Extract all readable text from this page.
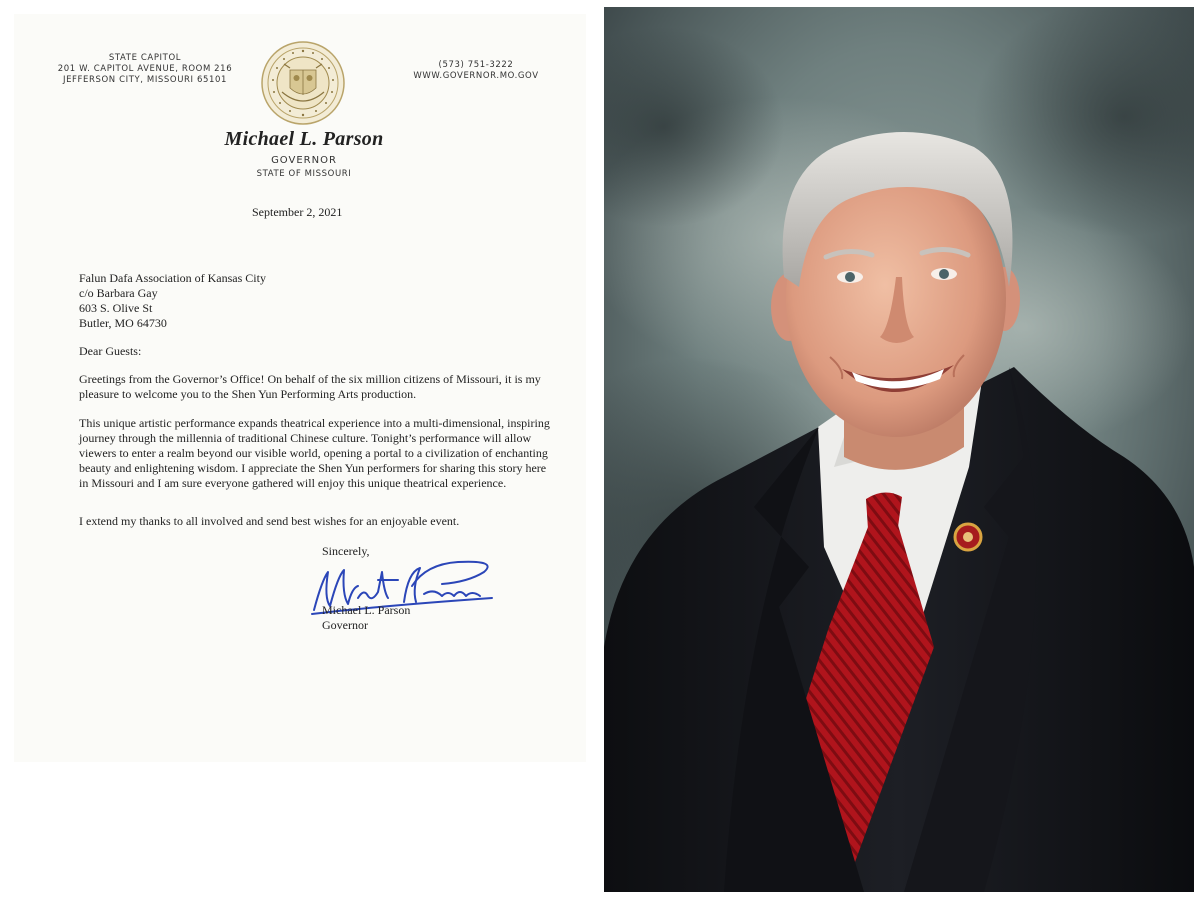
STATE CAPITOL
201 W. CAPITOL AVENUE, ROOM 216
JEFFERSON CITY, MISSOURI 65101
(573) 751-3222
WWW.GOVERNOR.MO.GOV
Michael L. Parson
GOVERNOR
STATE OF MISSOURI
September 2, 2021
Falun Dafa Association of Kansas City
c/o Barbara Gay
603 S. Olive St
Butler, MO 64730
Dear Guests:

Greetings from the Governor’s Office! On behalf of the six million citizens of Missouri, it is my pleasure to welcome you to the Shen Yun Performing Arts production.

This unique artistic performance expands theatrical experience into a multi-dimensional, inspiring journey through the millennia of traditional Chinese culture. Tonight’s performance will allow viewers to enter a realm beyond our visible world, opening a portal to a civilization of enchanting beauty and enlightening wisdom. I appreciate the Shen Yun performers for sharing this story here in Missouri and I am sure everyone gathered will enjoy this unique theatrical experience.

I extend my thanks to all involved and send best wishes for an enjoyable event.

Sincerely,
Michael L. Parson
Governor
